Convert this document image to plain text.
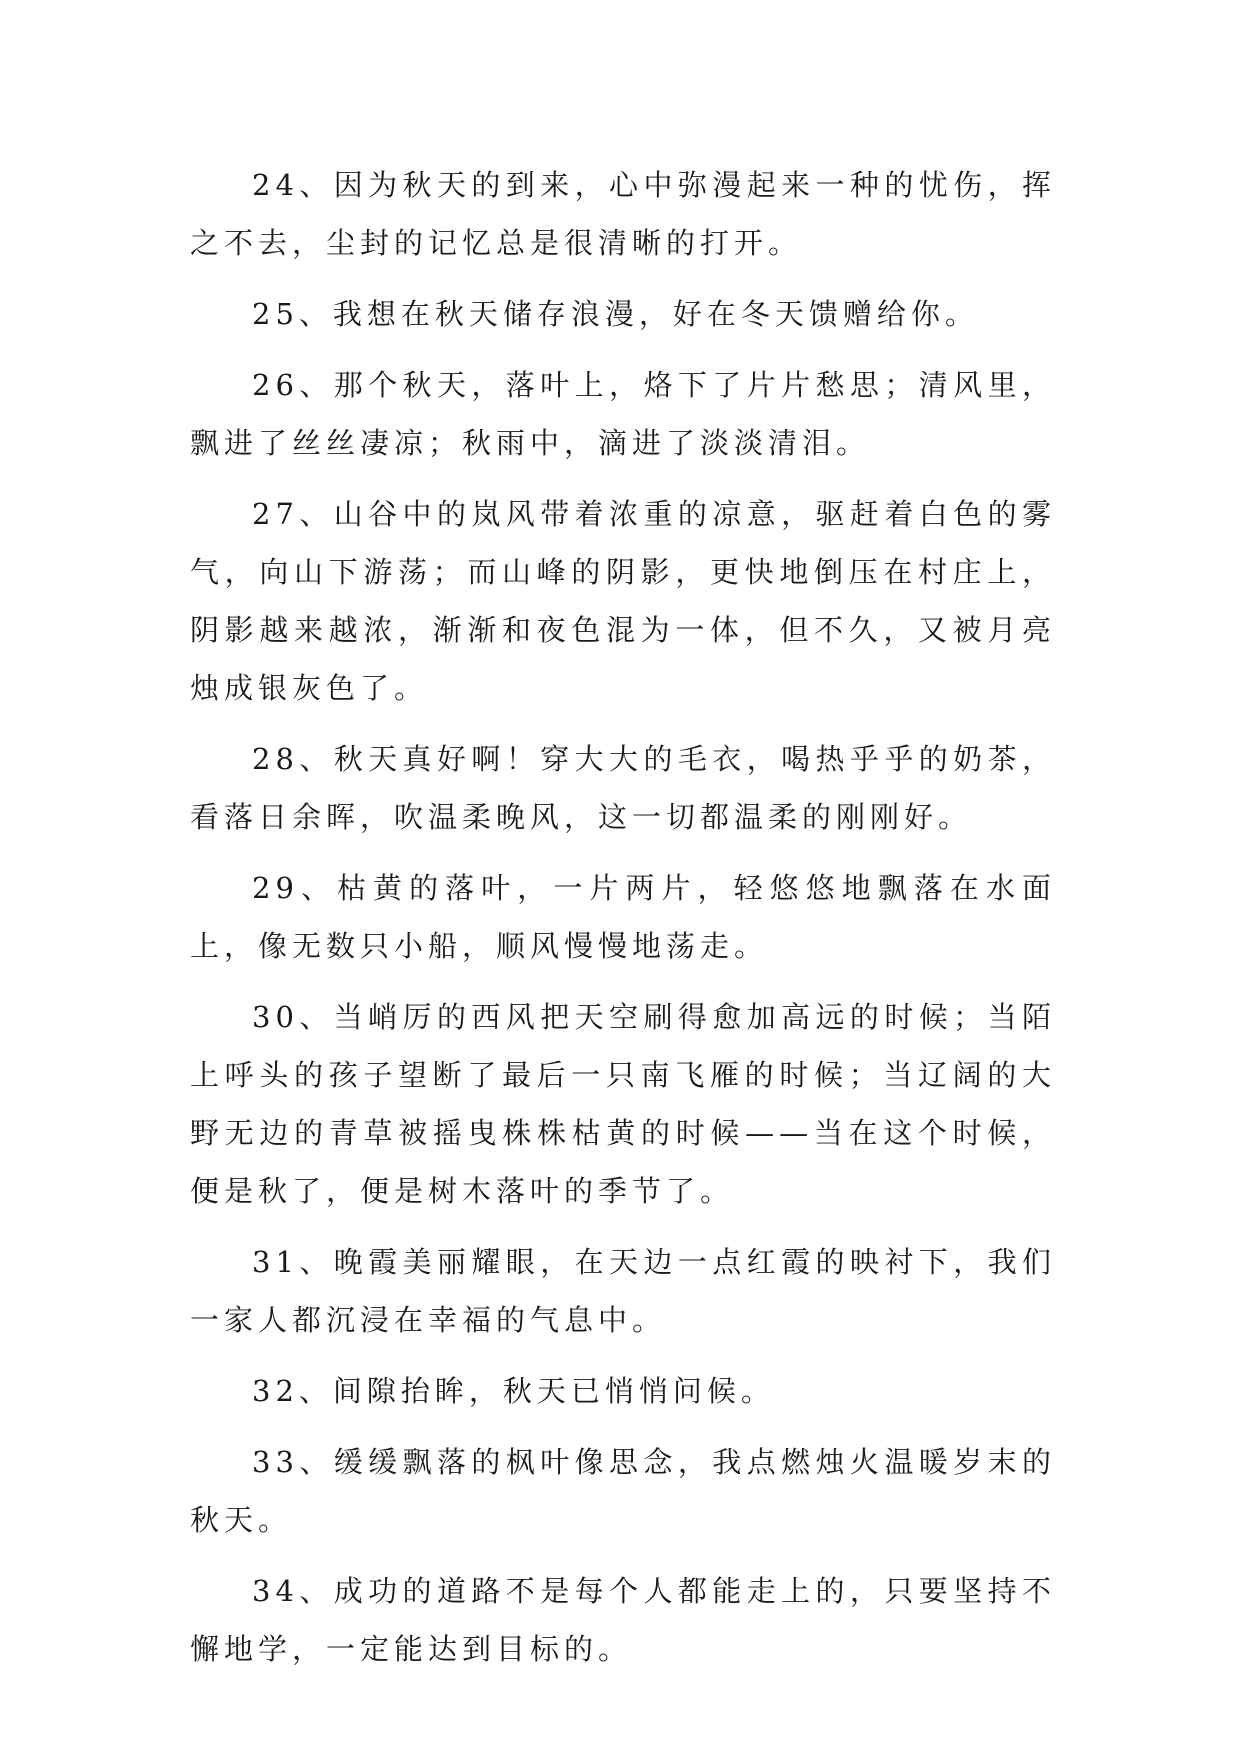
24、因为秋天的到来，心中弥漫起来一种的忧伤，挥之不去，尘封的记忆总是很清晰的打开。

25、我想在秋天储存浪漫，好在冬天馈赠给你。

26、那个秋天，落叶上，烙下了片片愁思；清风里，飘进了丝丝凄凉；秋雨中，滴进了淡淡清泪。

27、山谷中的岚风带着浓重的凉意，驱赶着白色的雾气，向山下游荡；而山峰的阴影，更快地倒压在村庄上，阴影越来越浓，渐渐和夜色混为一体，但不久，又被月亮烛成银灰色了。

28、秋天真好啊！穿大大的毛衣，喝热乎乎的奶茶，看落日余晖，吹温柔晚风，这一切都温柔的刚刚好。

29、枯黄的落叶，一片两片，轻悠悠地飘落在水面上，像无数只小船，顺风慢慢地荡走。

30、当峭厉的西风把天空刷得愈加高远的时候；当陌上呼头的孩子望断了最后一只南飞雁的时候；当辽阔的大野无边的青草被摇曳株株枯黄的时候——当在这个时候，便是秋了，便是树木落叶的季节了。

31、晚霞美丽耀眼，在天边一点红霞的映衬下，我们一家人都沉浸在幸福的气息中。

32、间隙抬眸，秋天已悄悄问候。

33、缓缓飘落的枫叶像思念，我点燃烛火温暖岁末的秋天。

34、成功的道路不是每个人都能走上的，只要坚持不懈地学，一定能达到目标的。
